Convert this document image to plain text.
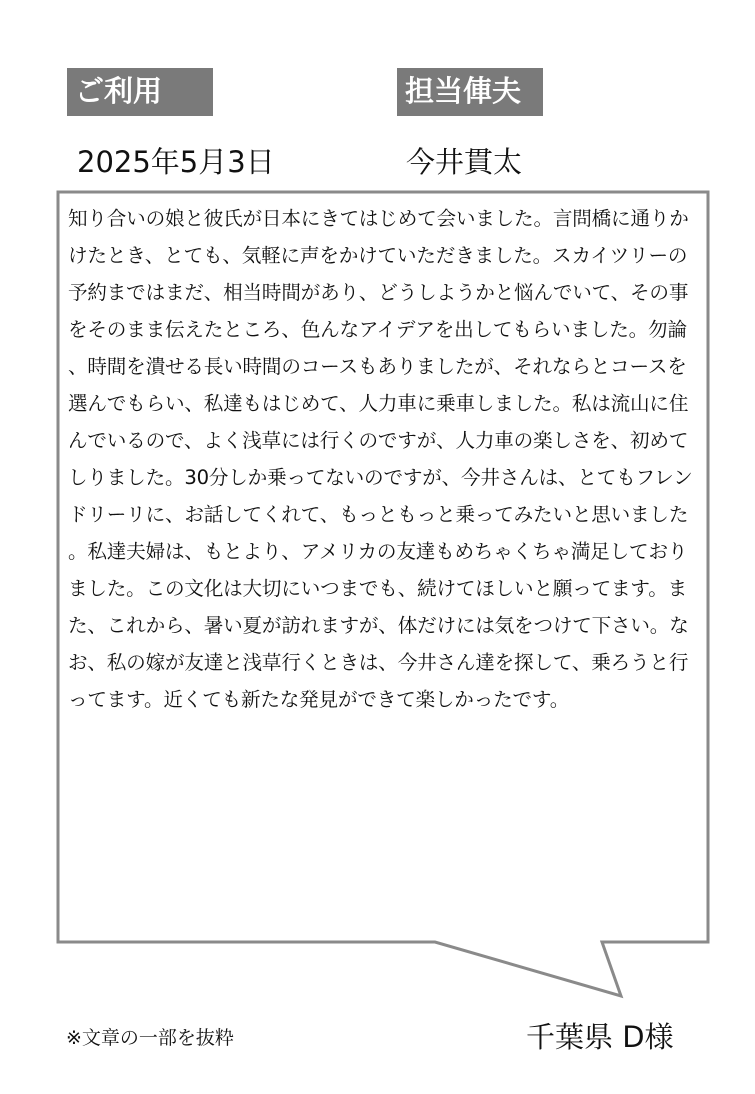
ご利用	担当俥夫
2025年5月3日	今井貫太

知り合いの娘と彼氏が日本にきてはじめて会いました。言問橋に通りかけたとき、とても、気軽に声をかけていただきました。スカイツリーの予約まではまだ、相当時間があり、どうしようかと悩んでいて、その事をそのまま伝えたところ、色んなアイデアを出してもらいました。勿論、時間を潰せる長い時間のコースもありましたが、それならとコースを選んでもらい、私達もはじめて、人力車に乗車しました。私は流山に住んでいるので、よく浅草には行くのですが、人力車の楽しさを、初めてしりました。30分しか乗ってないのですが、今井さんは、とてもフレンドリーリに、お話してくれて、もっともっと乗ってみたいと思いました。私達夫婦は、もとより、アメリカの友達もめちゃくちゃ満足しておりました。この文化は大切にいつまでも、続けてほしいと願ってます。また、これから、暑い夏が訪れますが、体だけには気をつけて下さい。なお、私の嫁が友達と浅草行くときは、今井さん達を探して、乗ろうと行ってます。近くても新たな発見ができて楽しかったです。

※文章の一部を抜粋	千葉県 D様
